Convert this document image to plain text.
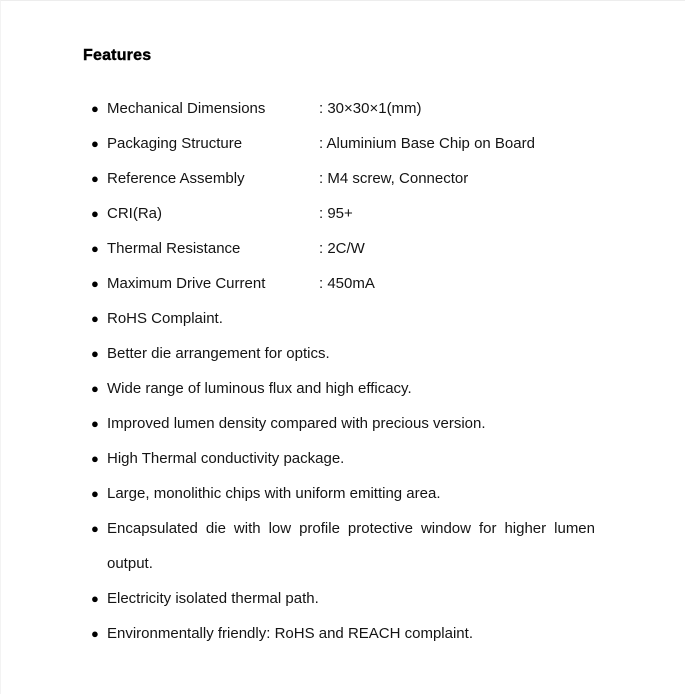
Features
● Mechanical Dimensions	: 30×30×1(mm)
● Packaging Structure	: Aluminium Base Chip on Board
● Reference Assembly	: M4 screw, Connector
● CRI(Ra)	: 95+
● Thermal Resistance	: 2C/W
● Maximum Drive Current	: 450mA
● RoHS Complaint.
● Better die arrangement for optics.
● Wide range of luminous flux and high efficacy.
● Improved lumen density compared with precious version.
● High Thermal conductivity package.
● Large, monolithic chips with uniform emitting area.
● Encapsulated die with low profile protective window for higher lumen output.
● Electricity isolated thermal path.
● Environmentally friendly: RoHS and REACH complaint.
